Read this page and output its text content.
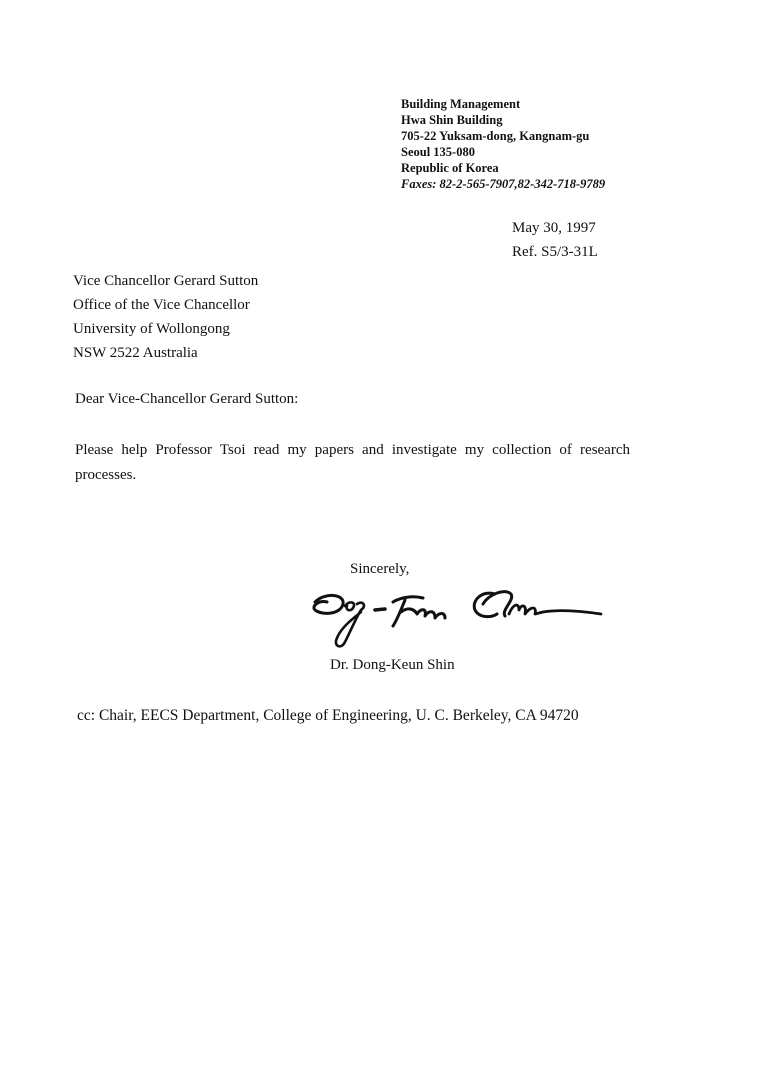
Building Management
Hwa Shin Building
705-22 Yuksam-dong, Kangnam-gu
Seoul 135-080
Republic of Korea
Faxes: 82-2-565-7907,82-342-718-9789
May 30, 1997
Ref. S5/3-31L
Vice Chancellor Gerard Sutton
Office of the Vice Chancellor
University of Wollongong
NSW 2522 Australia
Dear Vice-Chancellor Gerard Sutton:
Please help Professor Tsoi read my papers and investigate my collection of research processes.
Sincerely,
Dr. Dong-Keun Shin
cc: Chair, EECS Department, College of Engineering, U. C. Berkeley, CA 94720
